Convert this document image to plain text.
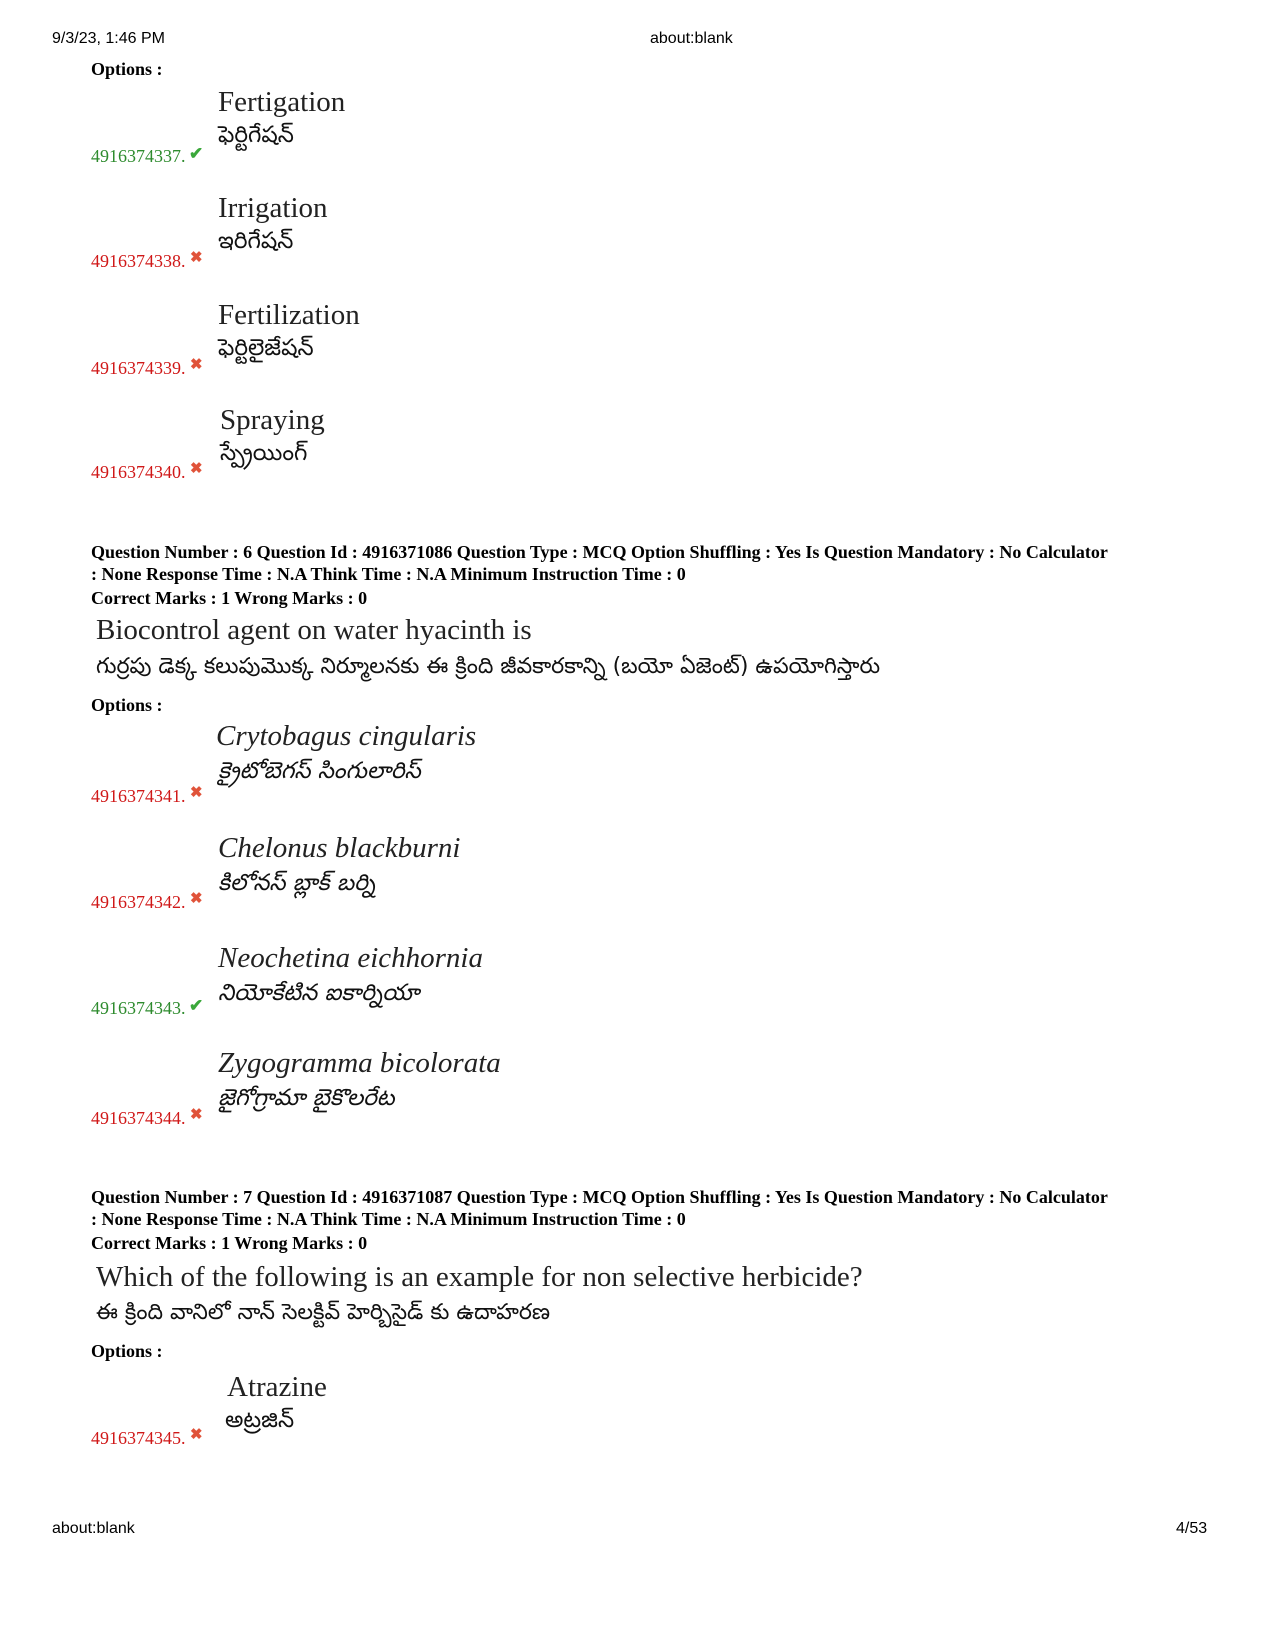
9/3/23, 1:46 PM	about:blank
Options :
4916374337. ✔
Fertigation
ఫెర్టిగేషన్
4916374338. ✖
Irrigation
ఇరిగేషన్
4916374339. ✖
Fertilization
ఫెర్టిలైజేషన్
4916374340. ✖
Spraying
స్ప్రేయింగ్
Question Number : 6 Question Id : 4916371086 Question Type : MCQ Option Shuffling : Yes Is Question Mandatory : No Calculator
: None Response Time : N.A Think Time : N.A Minimum Instruction Time : 0
Correct Marks : 1 Wrong Marks : 0
Biocontrol agent on water hyacinth is
గుర్రపు డెక్క కలుపుమొక్క నిర్మూలనకు ఈ క్రింది జీవకారకాన్ని (బయో ఏజెంట్) ఉపయోగిస్తారు
Options :
4916374341. ✖
Crytobagus cingularis
క్రైటోబెగస్ సింగులారిస్
4916374342. ✖
Chelonus blackburni
కిలోనస్ బ్లాక్ బర్ని
4916374343. ✔
Neochetina eichhornia
నియోకేటిన ఐకార్నియా
4916374344. ✖
Zygogramma bicolorata
జైగోగ్రామా బైకొలరేట
Question Number : 7 Question Id : 4916371087 Question Type : MCQ Option Shuffling : Yes Is Question Mandatory : No Calculator
: None Response Time : N.A Think Time : N.A Minimum Instruction Time : 0
Correct Marks : 1 Wrong Marks : 0
Which of the following is an example for non selective herbicide?
ఈ క్రింది వానిలో నాన్ సెలక్టివ్ హెర్బిసైడ్ కు ఉదాహరణ
Options :
4916374345. ✖
Atrazine
అట్రజిన్
about:blank	4/53
